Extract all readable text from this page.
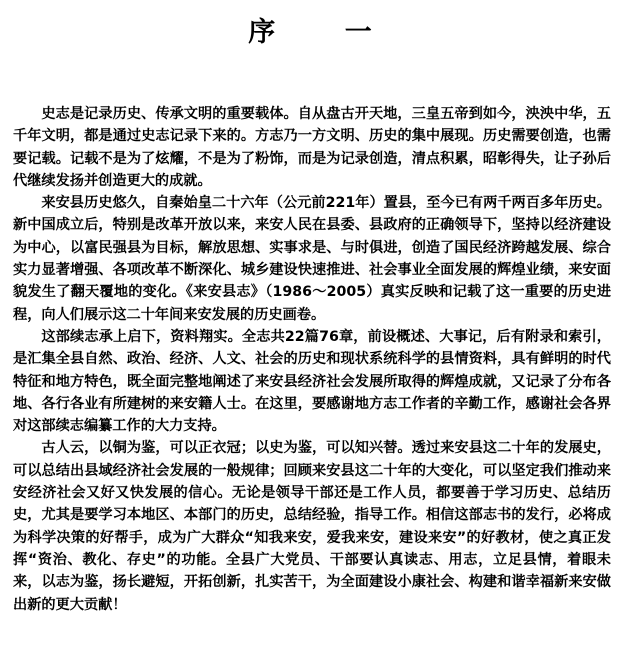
序 一

史志是记录历史、传承文明的重要载体。自从盘古开天地，三皇五帝到如今，泱泱中华，五千年文明，都是通过史志记录下来的。方志乃一方文明、历史的集中展现。历史需要创造，也需要记载。记载不是为了炫耀，不是为了粉饰，而是为记录创造，清点积累，昭彰得失，让子孙后代继续发扬并创造更大的成就。

来安县历史悠久，自秦始皇二十六年（公元前221年）置县，至今已有两千两百多年历史。新中国成立后，特别是改革开放以来，来安人民在县委、县政府的正确领导下，坚持以经济建设为中心，以富民强县为目标，解放思想、实事求是、与时俱进，创造了国民经济跨越发展、综合实力显著增强、各项改革不断深化、城乡建设快速推进、社会事业全面发展的辉煌业绩，来安面貌发生了翻天覆地的变化。《来安县志》（1986～2005）真实反映和记载了这一重要的历史进程，向人们展示这二十年间来安发展的历史画卷。

这部续志承上启下，资料翔实。全志共22篇76章，前设概述、大事记，后有附录和索引，是汇集全县自然、政治、经济、人文、社会的历史和现状系统科学的县情资料，具有鲜明的时代特征和地方特色，既全面完整地阐述了来安县经济社会发展所取得的辉煌成就，又记录了分布各地、各行各业有所建树的来安籍人士。在这里，要感谢地方志工作者的辛勤工作，感谢社会各界对这部续志编纂工作的大力支持。

古人云，以铜为鉴，可以正衣冠；以史为鉴，可以知兴替。透过来安县这二十年的发展史，可以总结出县域经济社会发展的一般规律；回顾来安县这二十年的大变化，可以坚定我们推动来安经济社会又好又快发展的信心。无论是领导干部还是工作人员，都要善于学习历史、总结历史，尤其是要学习本地区、本部门的历史，总结经验，指导工作。相信这部志书的发行，必将成为科学决策的好帮手，成为广大群众“知我来安，爱我来安，建设来安”的好教材，使之真正发挥“资治、教化、存史”的功能。全县广大党员、干部要认真读志、用志，立足县情，着眼未来，以志为鉴，扬长避短，开拓创新，扎实苦干，为全面建设小康社会、构建和谐幸福新来安做出新的更大贡献！
